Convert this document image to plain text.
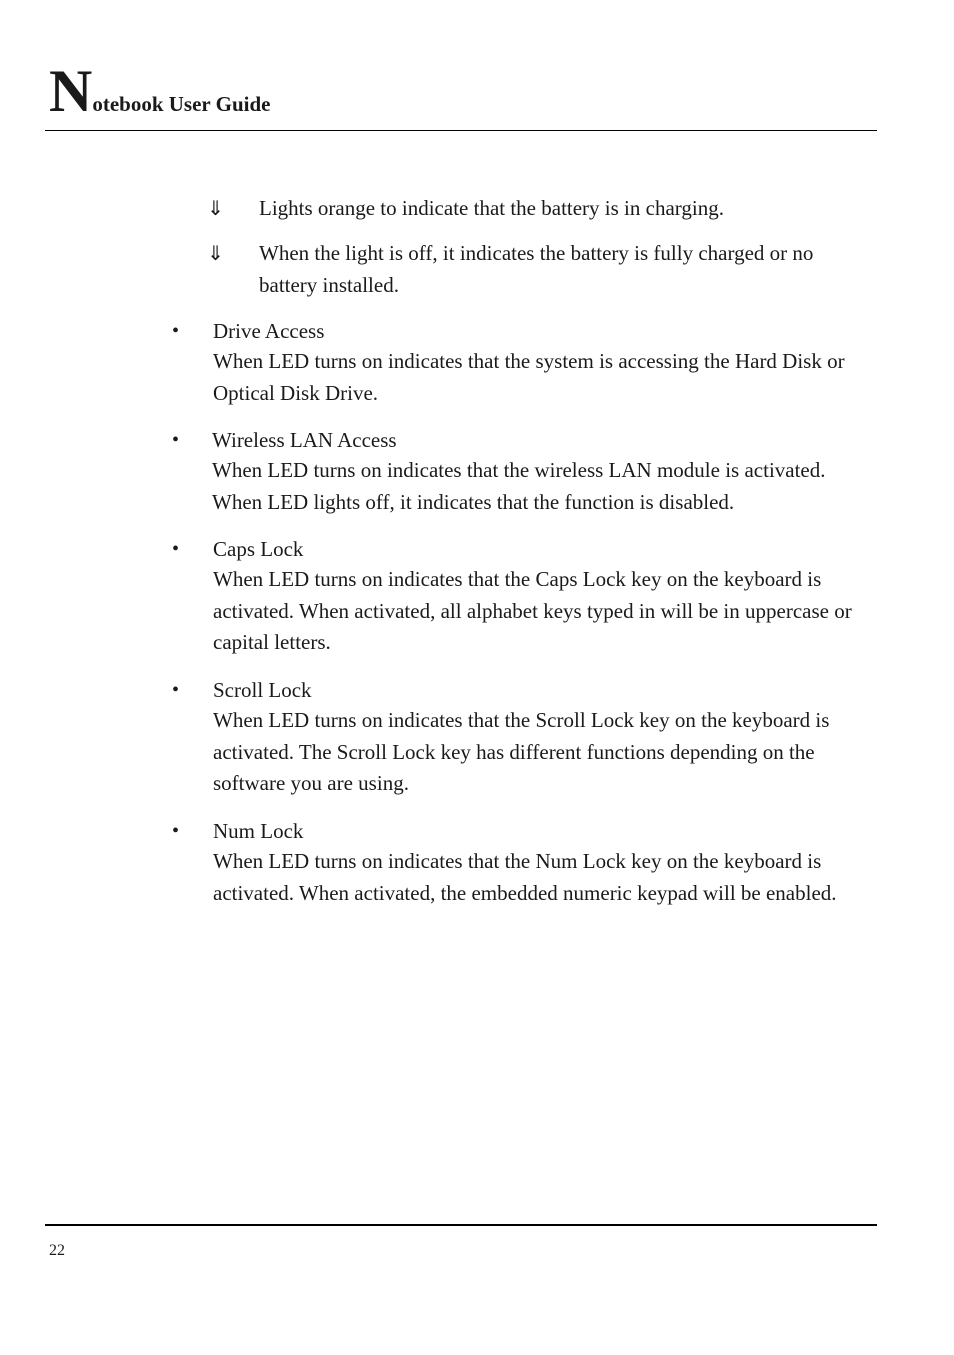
Notebook User Guide
⇓ Lights orange to indicate that the battery is in charging.
⇓ When the light is off, it indicates the battery is fully charged or no battery installed.
• Drive Access
When LED turns on indicates that the system is accessing the Hard Disk or Optical Disk Drive.
• Wireless LAN Access
When LED turns on indicates that the wireless LAN module is activated. When LED lights off, it indicates that the function is disabled.
• Caps Lock
When LED turns on indicates that the Caps Lock key on the keyboard is activated. When activated, all alphabet keys typed in will be in uppercase or capital letters.
• Scroll Lock
When LED turns on indicates that the Scroll Lock key on the keyboard is activated. The Scroll Lock key has different functions depending on the software you are using.
• Num Lock
When LED turns on indicates that the Num Lock key on the keyboard is activated. When activated, the embedded numeric keypad will be enabled.
22
